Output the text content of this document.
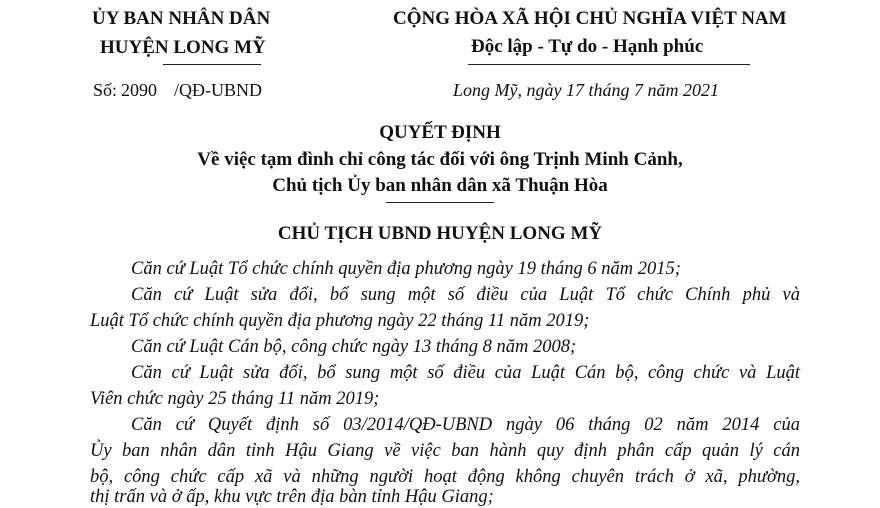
ỦY BAN NHÂN DÂN
HUYỆN LONG MỸ
CỘNG HÒA XÃ HỘI CHỦ NGHĨA VIỆT NAM
Độc lập - Tự do - Hạnh phúc
Số: 2090 /QĐ-UBND	Long Mỹ, ngày 17 tháng 7 năm 2021
QUYẾT ĐỊNH
Về việc tạm đình chỉ công tác đối với ông Trịnh Minh Cảnh,
Chủ tịch Ủy ban nhân dân xã Thuận Hòa
CHỦ TỊCH UBND HUYỆN LONG MỸ
Căn cứ Luật Tổ chức chính quyền địa phương ngày 19 tháng 6 năm 2015;
Căn cứ Luật sửa đổi, bổ sung một số điều của Luật Tổ chức Chính phủ và
Luật Tổ chức chính quyền địa phương ngày 22 tháng 11 năm 2019;
Căn cứ Luật Cán bộ, công chức ngày 13 tháng 8 năm 2008;
Căn cứ Luật sửa đổi, bổ sung một số điều của Luật Cán bộ, công chức và Luật
Viên chức ngày 25 tháng 11 năm 2019;
Căn cứ Quyết định số 03/2014/QĐ-UBND ngày 06 tháng 02 năm 2014 của
Ủy ban nhân dân tỉnh Hậu Giang về việc ban hành quy định phân cấp quản lý cán
bộ, công chức cấp xã và những người hoạt động không chuyên trách ở xã, phường,
thị trấn và ở ấp, khu vực trên địa bàn tỉnh Hậu Giang;
